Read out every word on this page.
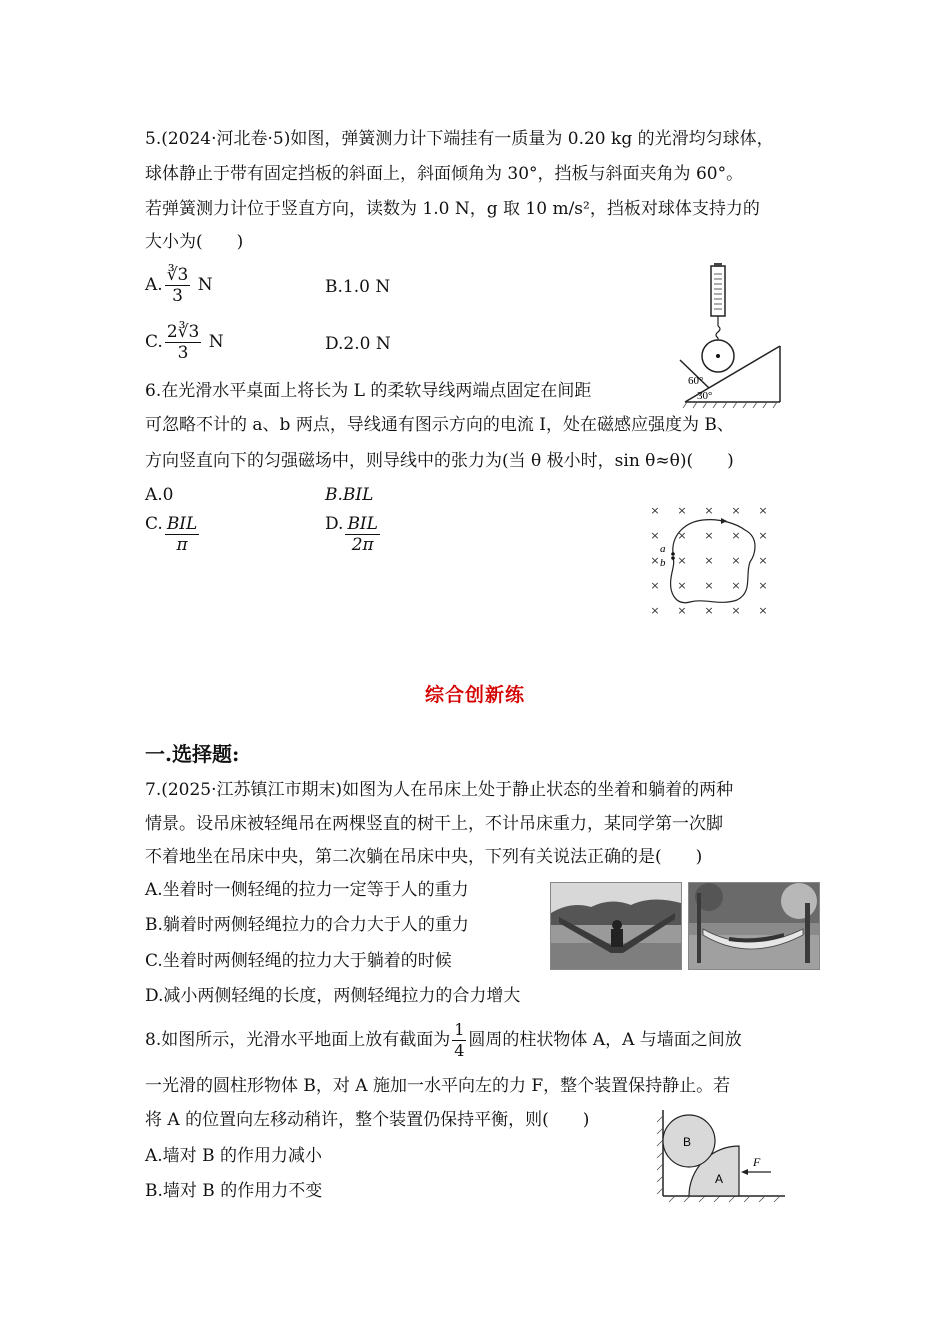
5.(2024·河北卷·5)如图，弹簧测力计下端挂有一质量为 0.20 kg 的光滑均匀球体，
球体静止于带有固定挡板的斜面上，斜面倾角为 30°，挡板与斜面夹角为 60°。
若弹簧测力计位于竖直方向，读数为 1.0 N，g 取 10 m/s²，挡板对球体支持力的
大小为(　　)
A. $\frac{∛3}{3}$ N	B.1.0 N
C. $\frac{2∛3}{3}$ N	D.2.0 N
60°
30°
6.在光滑水平桌面上将长为 L 的柔软导线两端点固定在间距
可忽略不计的 a、b 两点，导线通有图示方向的电流 I，处在磁感应强度为 B、
方向竖直向下的匀强磁场中，则导线中的张力为(当 θ 极小时，sin θ≈θ)(　　)
A.0	B.BIL
C. $\frac{\text{BIL}}{\pi}$	D. $\frac{\text{BIL}}{2\pi}$
× × × × ×
× × × × ×
× × × × ×
× × × × ×
× × × × ×
a
b
综合创新练
一.选择题:
7.(2025·江苏镇江市期末)如图为人在吊床上处于静止状态的坐着和躺着的两种
情景。设吊床被轻绳吊在两棵竖直的树干上，不计吊床重力，某同学第一次脚
不着地坐在吊床中央，第二次躺在吊床中央，下列有关说法正确的是(　　)
A.坐着时一侧轻绳的拉力一定等于人的重力
B.躺着时两侧轻绳拉力的合力大于人的重力
C.坐着时两侧轻绳的拉力大于躺着的时候
D.减小两侧轻绳的长度，两侧轻绳拉力的合力增大
8.如图所示，光滑水平地面上放有截面为 $\frac{1}{4}$ 圆周的柱状物体 A，A 与墙面之间放
一光滑的圆柱形物体 B，对 A 施加一水平向左的力 F，整个装置保持静止。若
将 A 的位置向左移动稍许，整个装置仍保持平衡，则(　　)
A.墙对 B 的作用力减小
B.墙对 B 的作用力不变
B
A
F
